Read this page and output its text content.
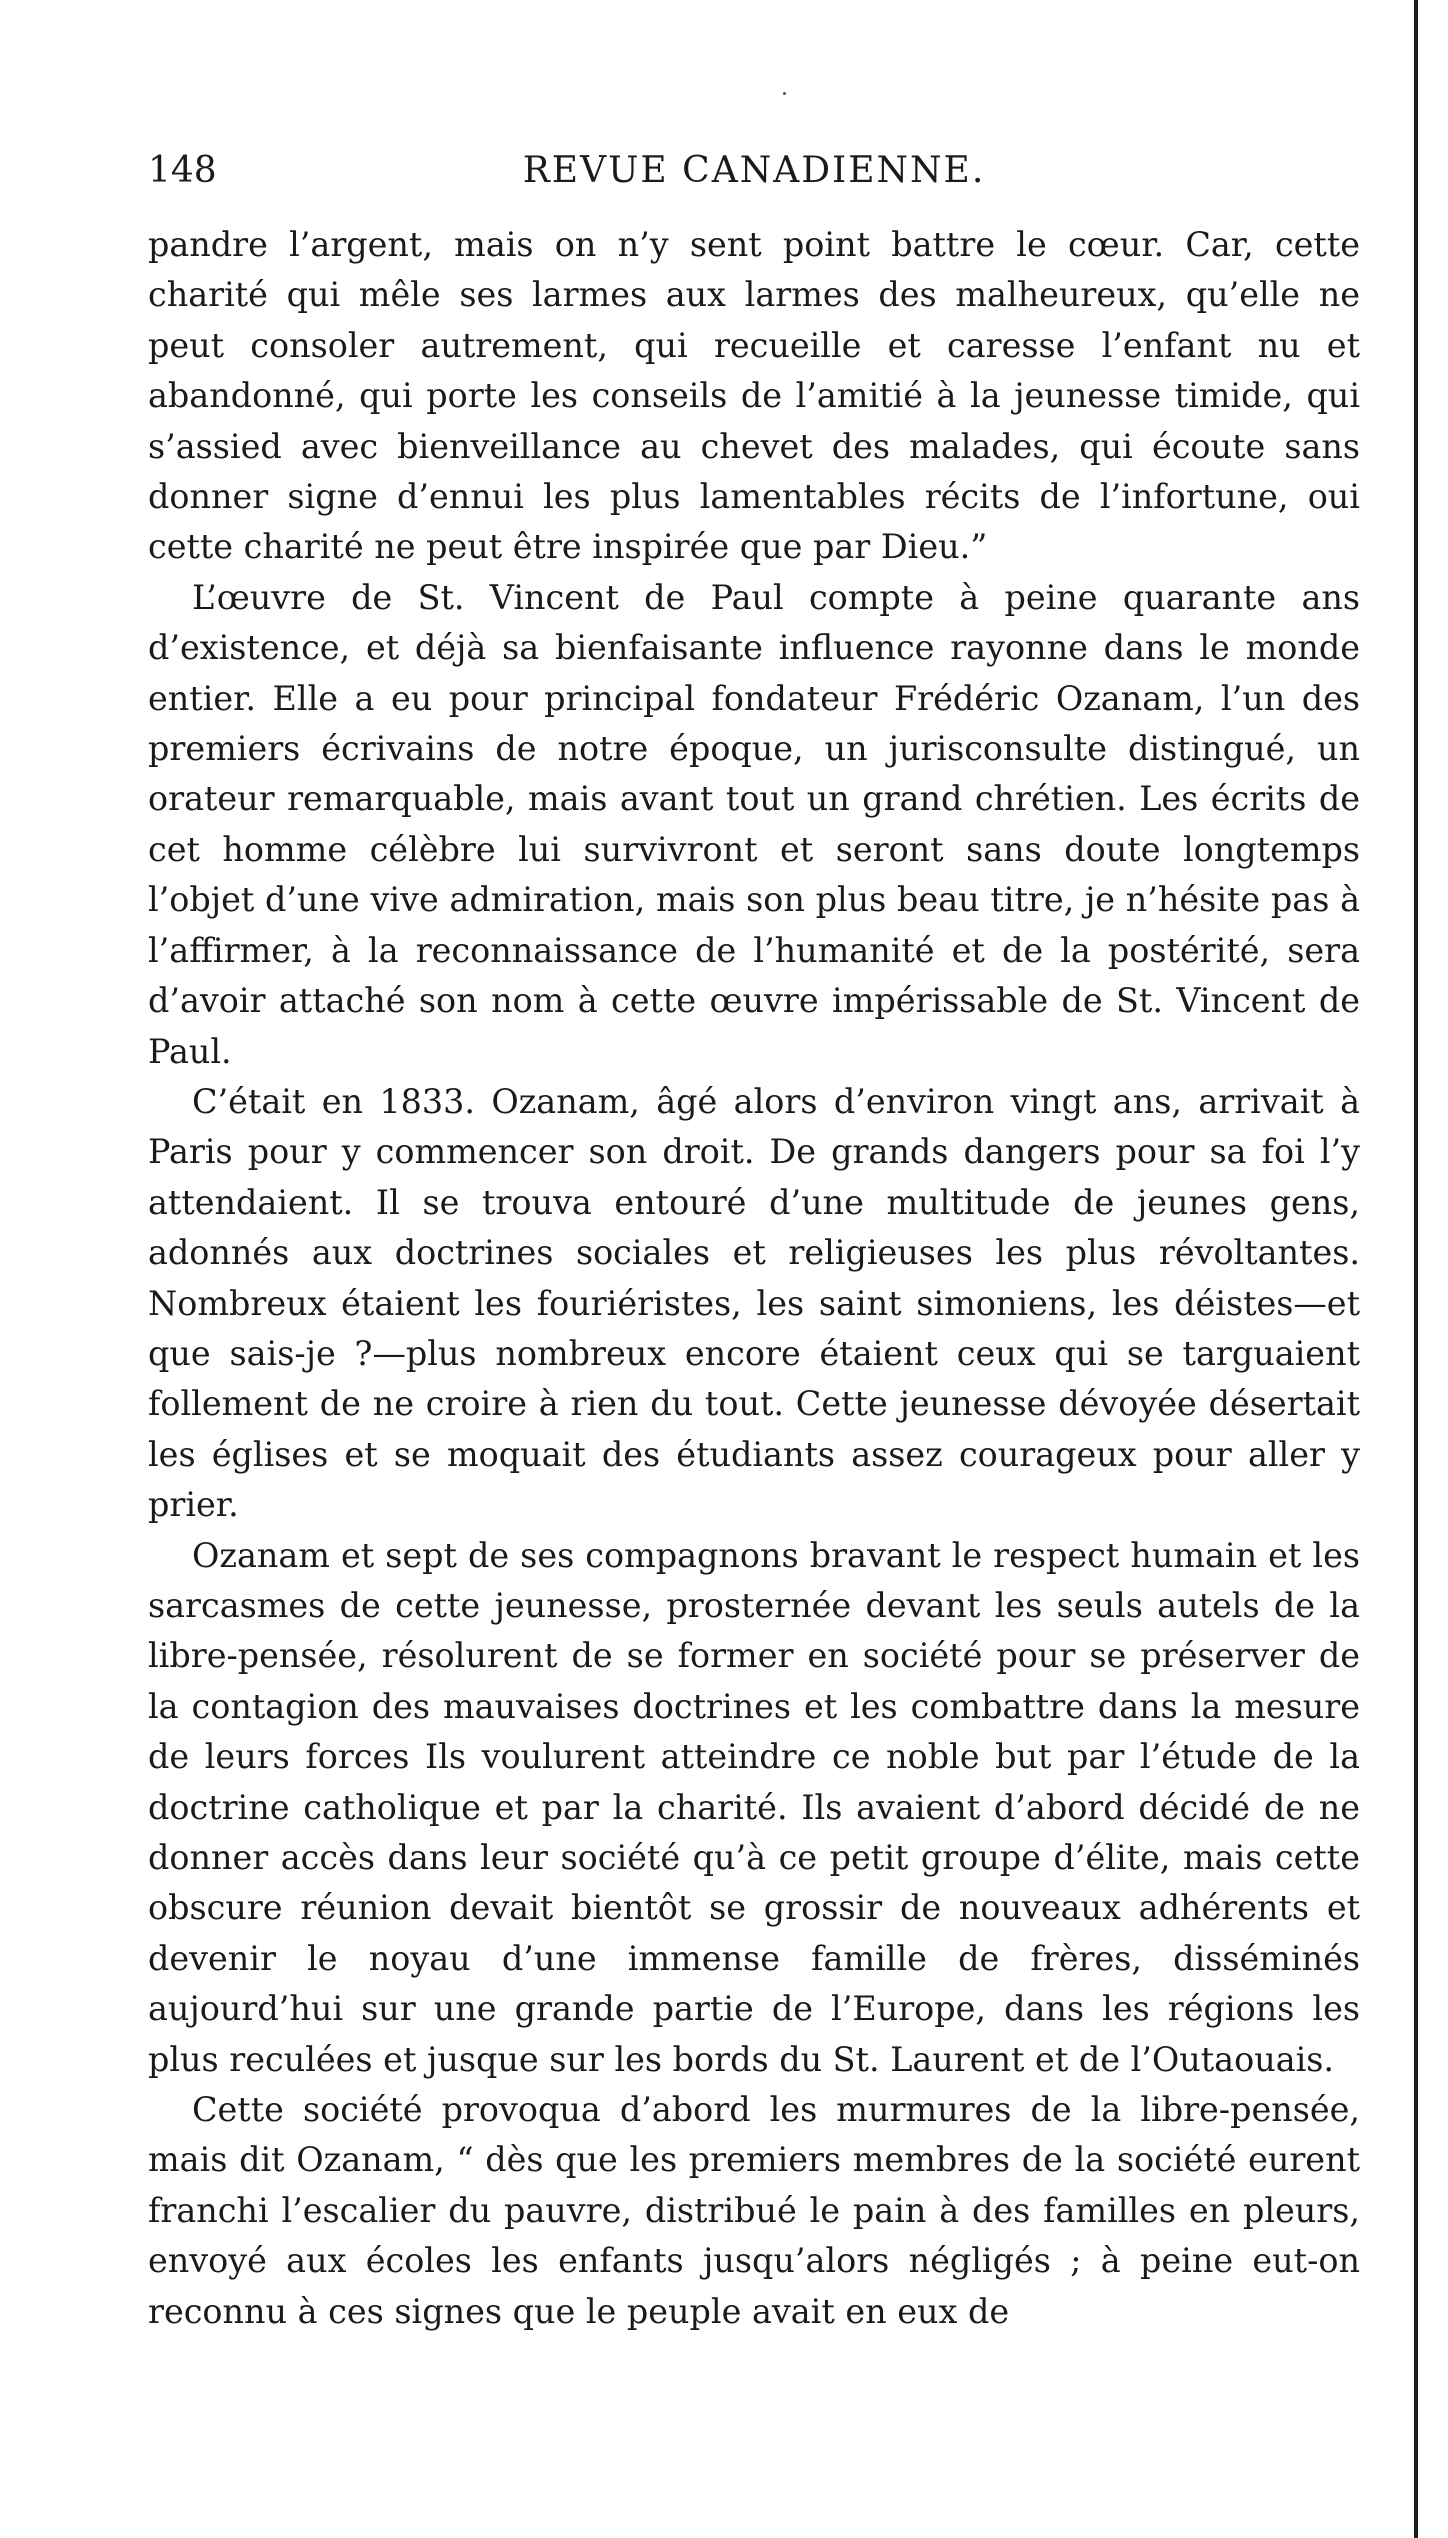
148	REVUE CANADIENNE.

pandre l’argent, mais on n’y sent point battre le cœur. Car, cette charité qui mêle ses larmes aux larmes des malheureux, qu’elle ne peut consoler autrement, qui recueille et caresse l’enfant nu et abandonné, qui porte les conseils de l’amitié à la jeunesse timide, qui s’assied avec bienveillance au chevet des malades, qui écoute sans donner signe d’ennui les plus lamentables récits de l’infortune, oui cette charité ne peut être inspirée que par Dieu.”

L’œuvre de St. Vincent de Paul compte à peine quarante ans d’existence, et déjà sa bienfaisante influence rayonne dans le monde entier. Elle a eu pour principal fondateur Frédéric Ozanam, l’un des premiers écrivains de notre époque, un jurisconsulte distingué, un orateur remarquable, mais avant tout un grand chrétien. Les écrits de cet homme célèbre lui survivront et seront sans doute longtemps l’objet d’une vive admiration, mais son plus beau titre, je n’hésite pas à l’affirmer, à la reconnaissance de l’humanité et de la postérité, sera d’avoir attaché son nom à cette œuvre impérissable de St. Vincent de Paul.

C’était en 1833. Ozanam, âgé alors d’environ vingt ans, arrivait à Paris pour y commencer son droit. De grands dangers pour sa foi l’y attendaient. Il se trouva entouré d’une multitude de jeunes gens, adonnés aux doctrines sociales et religieuses les plus révoltantes. Nombreux étaient les fouriéristes, les saint simoniens, les déistes—et que sais-je ?—plus nombreux encore étaient ceux qui se targuaient follement de ne croire à rien du tout. Cette jeunesse dévoyée désertait les églises et se moquait des étudiants assez courageux pour aller y prier.

Ozanam et sept de ses compagnons bravant le respect humain et les sarcasmes de cette jeunesse, prosternée devant les seuls autels de la libre-pensée, résolurent de se former en société pour se préserver de la contagion des mauvaises doctrines et les combattre dans la mesure de leurs forces Ils voulurent atteindre ce noble but par l’étude de la doctrine catholique et par la charité. Ils avaient d’abord décidé de ne donner accès dans leur société qu’à ce petit groupe d’élite, mais cette obscure réunion devait bientôt se grossir de nouveaux adhérents et devenir le noyau d’une immense famille de frères, disséminés aujourd’hui sur une grande partie de l’Europe, dans les régions les plus reculées et jusque sur les bords du St. Laurent et de l’Outaouais.

Cette société provoqua d’abord les murmures de la libre-pensée, mais dit Ozanam, “ dès que les premiers membres de la société eurent franchi l’escalier du pauvre, distribué le pain à des familles en pleurs, envoyé aux écoles les enfants jusqu’alors négligés ; à peine eut-on reconnu à ces signes que le peuple avait en eux de
